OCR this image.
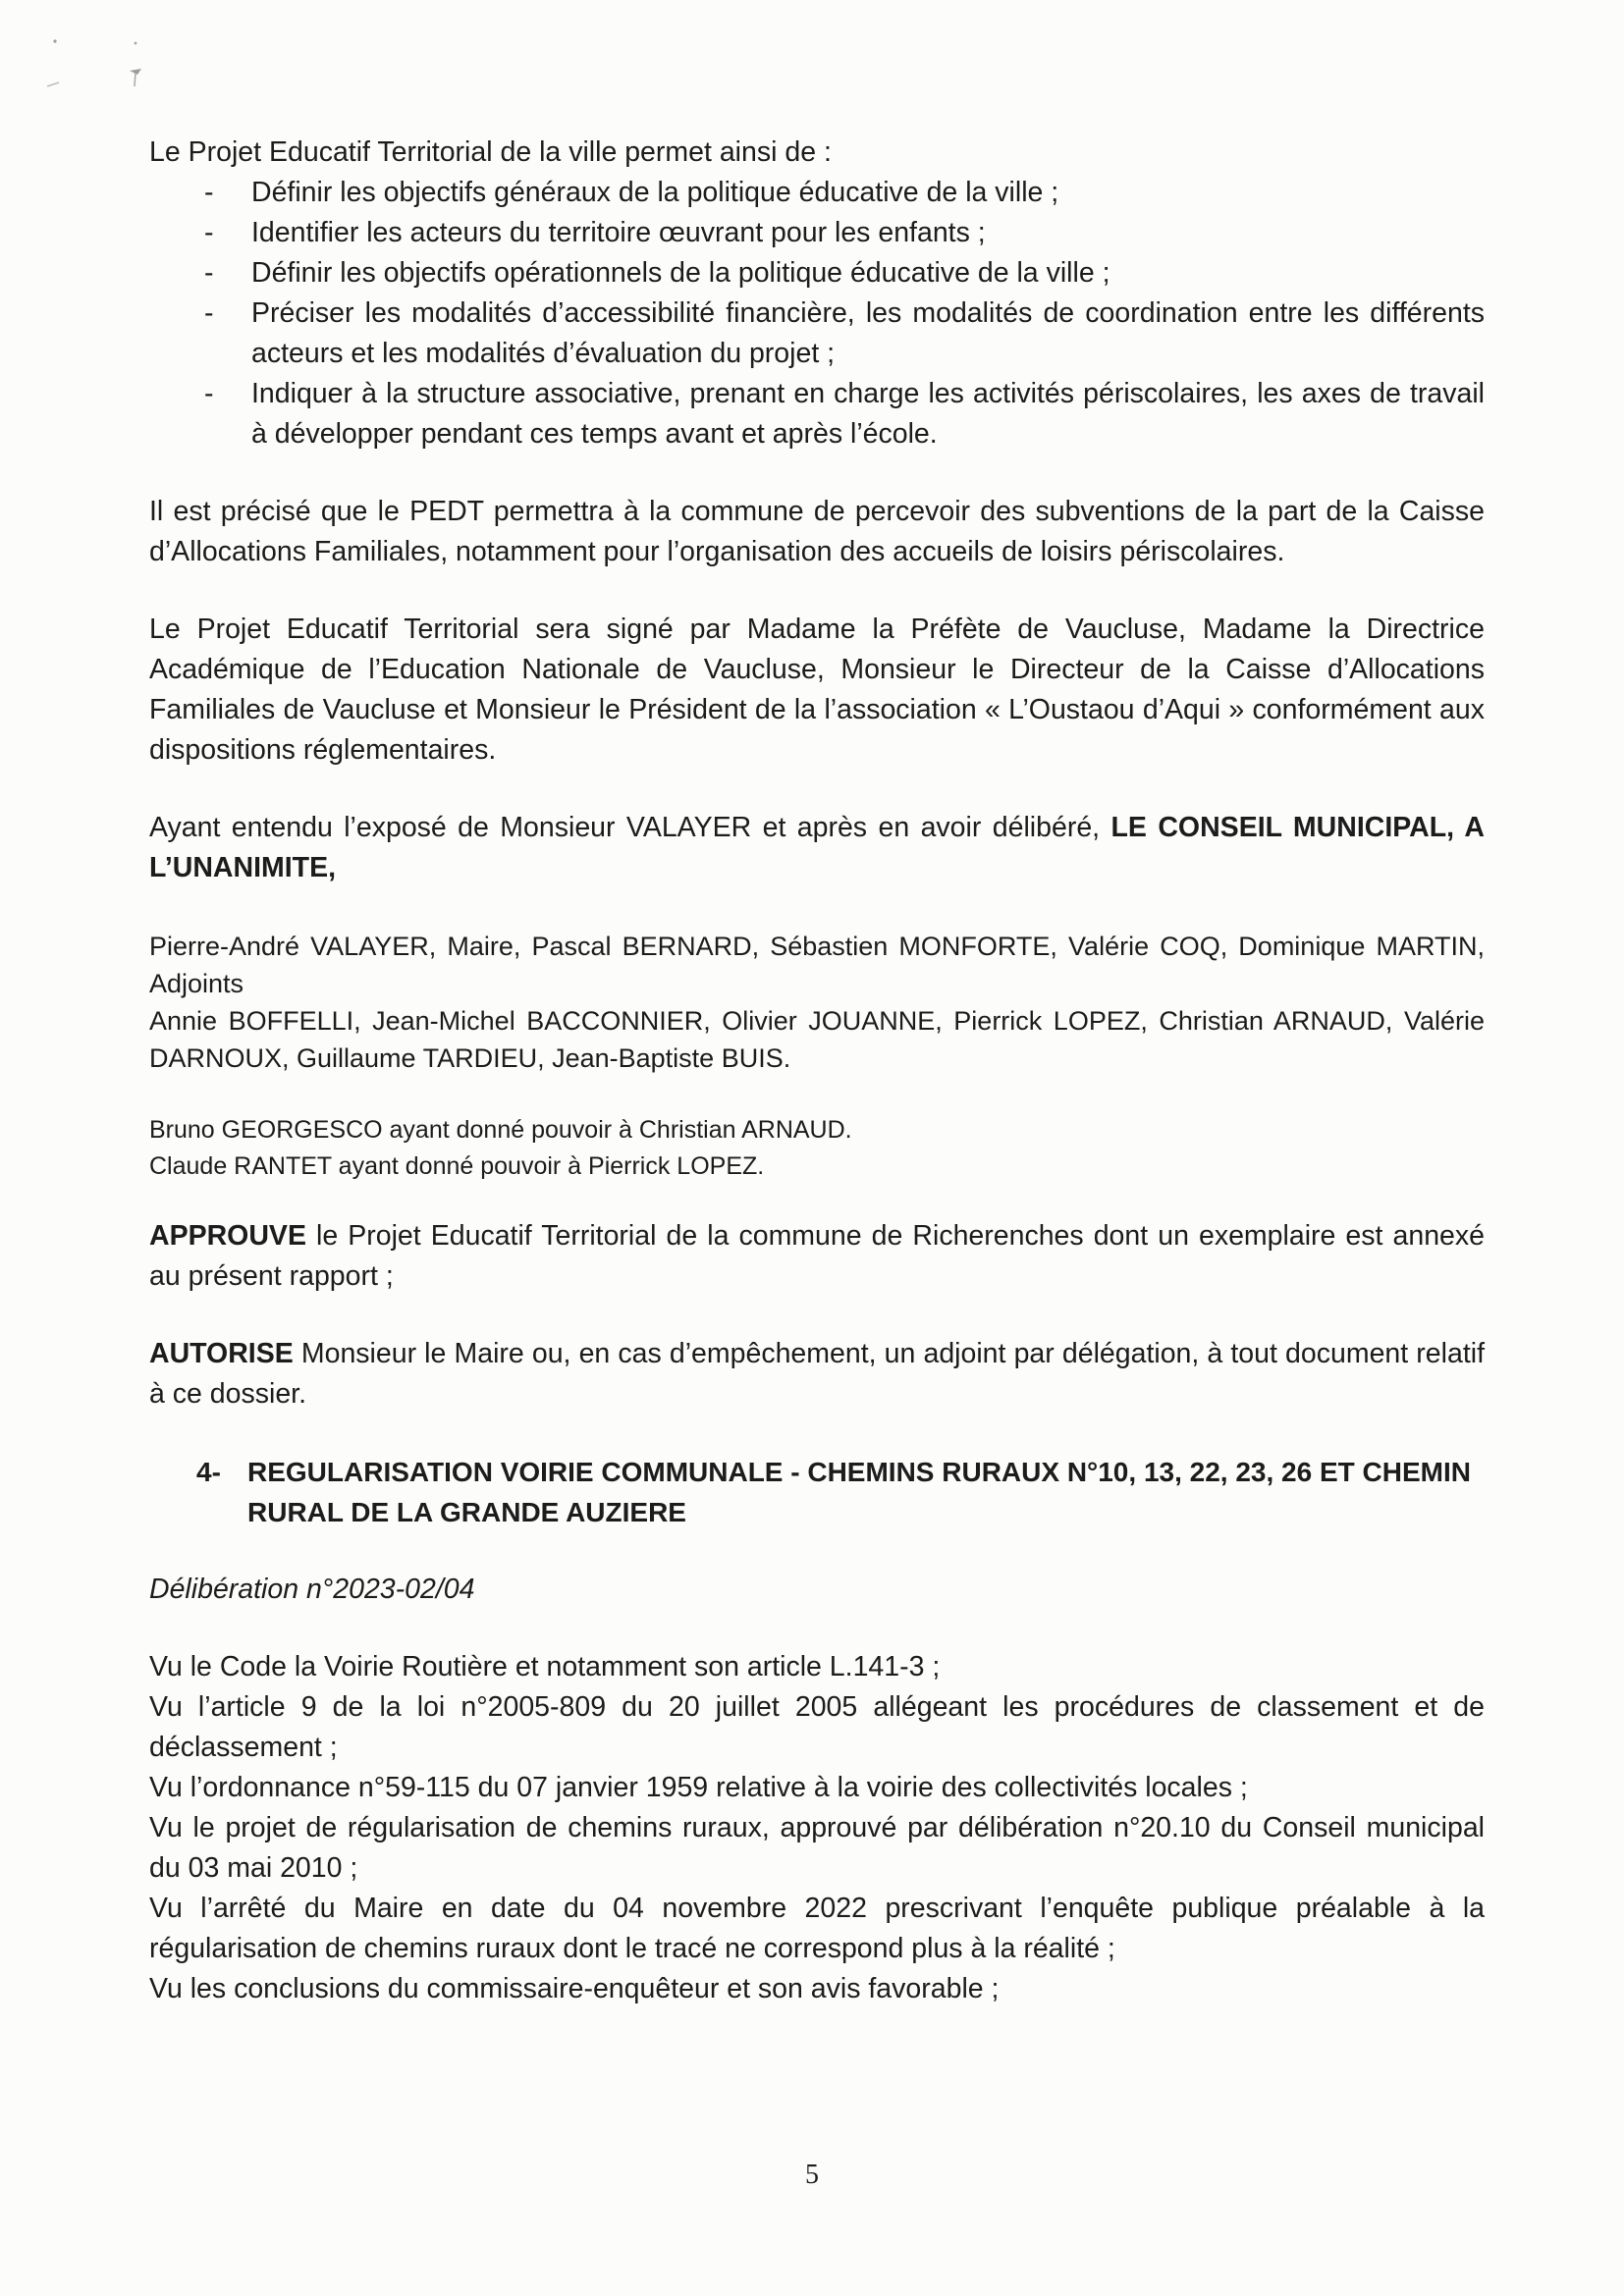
Le Projet Educatif Territorial de la ville permet ainsi de :

- Définir les objectifs généraux de la politique éducative de la ville ;
- Identifier les acteurs du territoire œuvrant pour les enfants ;
- Définir les objectifs opérationnels de la politique éducative de la ville ;
- Préciser les modalités d’accessibilité financière, les modalités de coordination entre les différents acteurs et les modalités d’évaluation du projet ;
- Indiquer à la structure associative, prenant en charge les activités périscolaires, les axes de travail à développer pendant ces temps avant et après l’école.

Il est précisé que le PEDT permettra à la commune de percevoir des subventions de la part de la Caisse d’Allocations Familiales, notamment pour l’organisation des accueils de loisirs périscolaires.

Le Projet Educatif Territorial sera signé par Madame la Préfète de Vaucluse, Madame la Directrice Académique de l’Education Nationale de Vaucluse, Monsieur le Directeur de la Caisse d’Allocations Familiales de Vaucluse et Monsieur le Président de la l’association « L’Oustaou d’Aqui » conformément aux dispositions réglementaires.

Ayant entendu l’exposé de Monsieur VALAYER et après en avoir délibéré, LE CONSEIL MUNICIPAL, A L’UNANIMITE,

Pierre-André VALAYER, Maire, Pascal BERNARD, Sébastien MONFORTE, Valérie COQ, Dominique MARTIN, Adjoints

Annie BOFFELLI, Jean-Michel BACCONNIER, Olivier JOUANNE, Pierrick LOPEZ, Christian ARNAUD, Valérie DARNOUX, Guillaume TARDIEU, Jean-Baptiste BUIS.

Bruno GEORGESCO ayant donné pouvoir à Christian ARNAUD.

Claude RANTET ayant donné pouvoir à Pierrick LOPEZ.

APPROUVE le Projet Educatif Territorial de la commune de Richerenches dont un exemplaire est annexé au présent rapport ;

AUTORISE Monsieur le Maire ou, en cas d’empêchement, un adjoint par délégation, à tout document relatif à ce dossier.

4- REGULARISATION VOIRIE COMMUNALE - CHEMINS RURAUX N°10, 13, 22, 23, 26 ET CHEMIN RURAL DE LA GRANDE AUZIERE

Délibération n°2023-02/04

Vu le Code la Voirie Routière et notamment son article L.141-3 ;

Vu l’article 9 de la loi n°2005-809 du 20 juillet 2005 allégeant les procédures de classement et de déclassement ;

Vu l’ordonnance n°59-115 du 07 janvier 1959 relative à la voirie des collectivités locales ;

Vu le projet de régularisation de chemins ruraux, approuvé par délibération n°20.10 du Conseil municipal du 03 mai 2010 ;

Vu l’arrêté du Maire en date du 04 novembre 2022 prescrivant l’enquête publique préalable à la régularisation de chemins ruraux dont le tracé ne correspond plus à la réalité ;

Vu les conclusions du commissaire-enquêteur et son avis favorable ;

5
